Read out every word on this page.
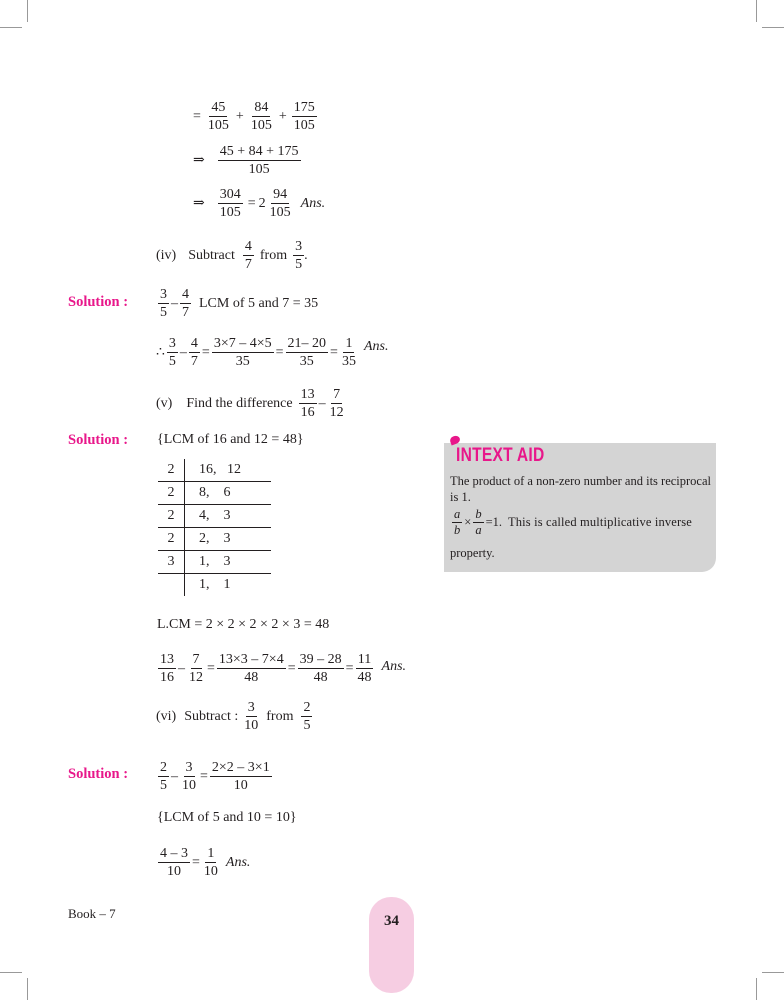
= $\frac{45}{105} + \frac{84}{105} + \frac{175}{105}$
⇒ $\frac{45 + 84 + 175}{105}$
⇒ $\frac{304}{105} = 2 \frac{94}{105}$ Ans.
(iv) Subtract $\frac{4}{7}$ from $\frac{3}{5}$ .
Solution : $\frac{3}{5} - \frac{4}{7}$ LCM of 5 and 7 = 35
∴ $\frac{3}{5} - \frac{4}{7} = \frac{3\times 7 - 4\times 5}{35} = \frac{21- 20}{35} = \frac{1}{35}$ Ans.
(v) Find the difference $\frac{13}{16} - \frac{7}{12}$
Solution : {LCM of 16 and 12 = 48}
2	16,   12
2	8,    6
2	4,    3
2	2,    3
3	1,    3
	1,    1
L.CM = 2 × 2 × 2 × 2 × 3 = 48
$\frac{13}{16} - \frac{7}{12} = \frac{13\times 3 - 7\times 4}{48} = \frac{39 - 28}{48} = \frac{11}{48}$ Ans.
(vi) Subtract : $\frac{3}{10}$ from $\frac{2}{5}$
Solution : $\frac{2}{5} - \frac{3}{10} = \frac{2\times 2 - 3\times 1}{10}$
{LCM of 5 and 10 = 10}
$\frac{4 - 3}{10} = \frac{1}{10}$ Ans.
INTEXT AID
The product of a non-zero number and its reciprocal is 1.
$\frac{a}{b} \times \frac{b}{a} = 1$. This is called multiplicative inverse
property.
Book – 7	34
